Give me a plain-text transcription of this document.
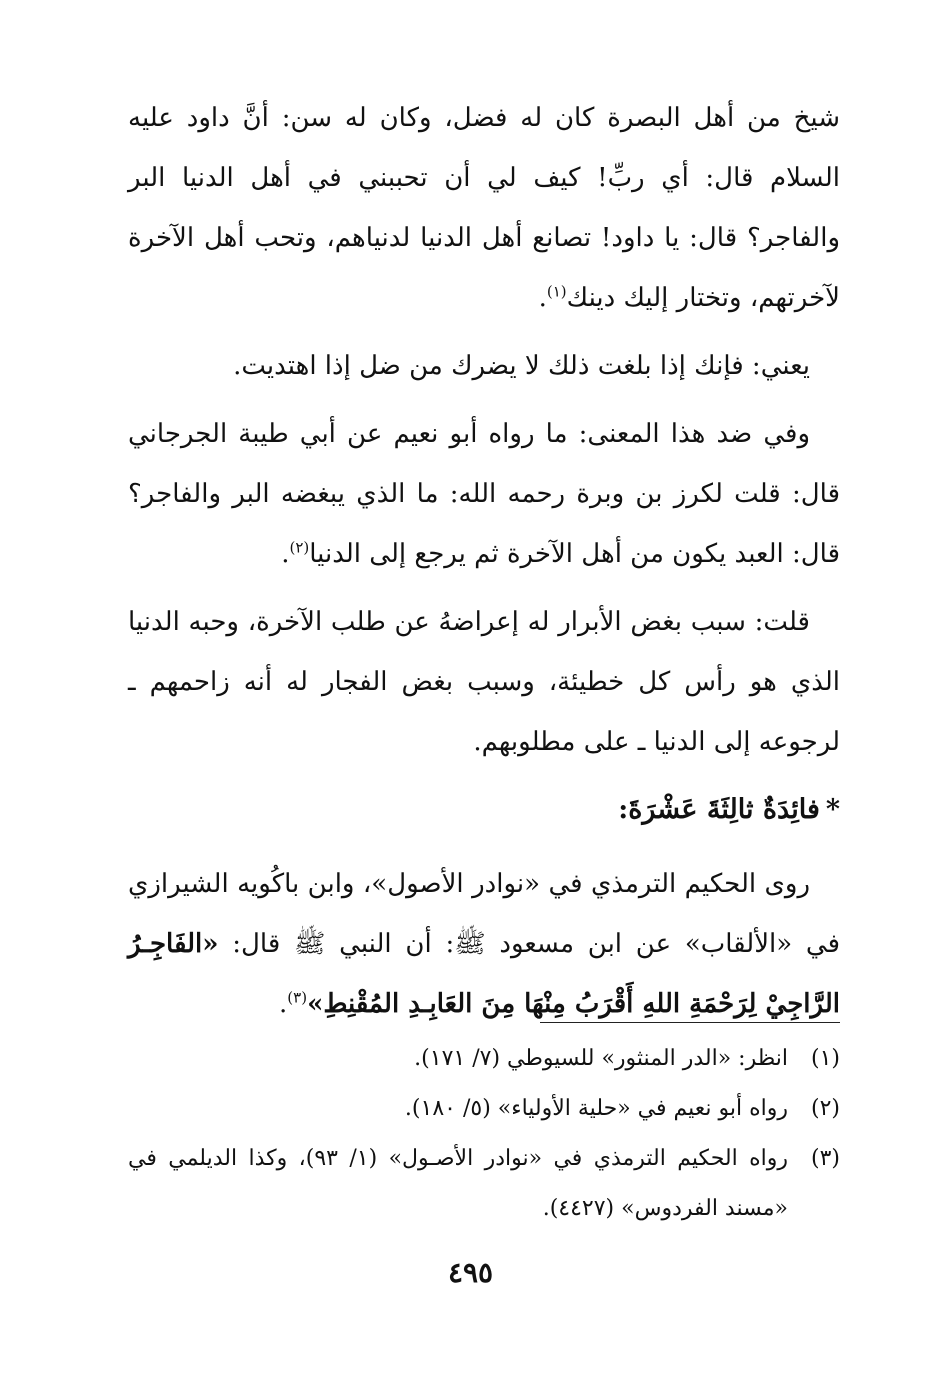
شيخ من أهل البصرة كان له فضل، وكان له سن: أنَّ داود عليه السلام قال: أي ربِّ! كيف لي أن تحببني في أهل الدنيا البر والفاجر؟ قال: يا داود! تصانع أهل الدنيا لدنياهم، وتحب أهل الآخرة لآخرتهم، وتختار إليك دينك$^{(١)}$.

يعني: فإنك إذا بلغت ذلك لا يضرك من ضل إذا اهتديت.

وفي ضد هذا المعنى: ما رواه أبو نعيم عن أبي طيبة الجرجاني قال: قلت لكرز بن وبرة رحمه الله: ما الذي يبغضه البر والفاجر؟ قال: العبد يكون من أهل الآخرة ثم يرجع إلى الدنيا$^{(٢)}$.

قلت: سبب بغض الأبرار له إعراضهُ عن طلب الآخرة، وحبه الدنيا الذي هو رأس كل خطيئة، وسبب بغض الفجار له أنه زاحمهم ـ لرجوعه إلى الدنيا ـ على مطلوبهم.

*فائِدَةٌ ثالِثَةَ عَشْرَةَ:

روى الحكيم الترمذي في «نوادر الأصول»، وابن باكُويه الشيرازي في «الألقاب» عن ابن مسعود ﷺ: أن النبي ﷺ قال: «الفَاجِـرُ الرَّاجِيْ لِرَحْمَةِ اللهِ أَقْرَبُ مِنْهَا مِنَ العَابِـدِ المُقْنِطِ»$^{(٣)}$.

(١)
انظر: «الدر المنثور» للسيوطي (٧/ ١٧١).

(٢)
رواه أبو نعيم في «حلية الأولياء» (٥/ ١٨٠).

(٣)
رواه الحكيم الترمذي في «نوادر الأصـول» (١/ ٩٣)، وكذا الديلمي في «مسند الفردوس» (٤٤٢٧).

٤٩٥
